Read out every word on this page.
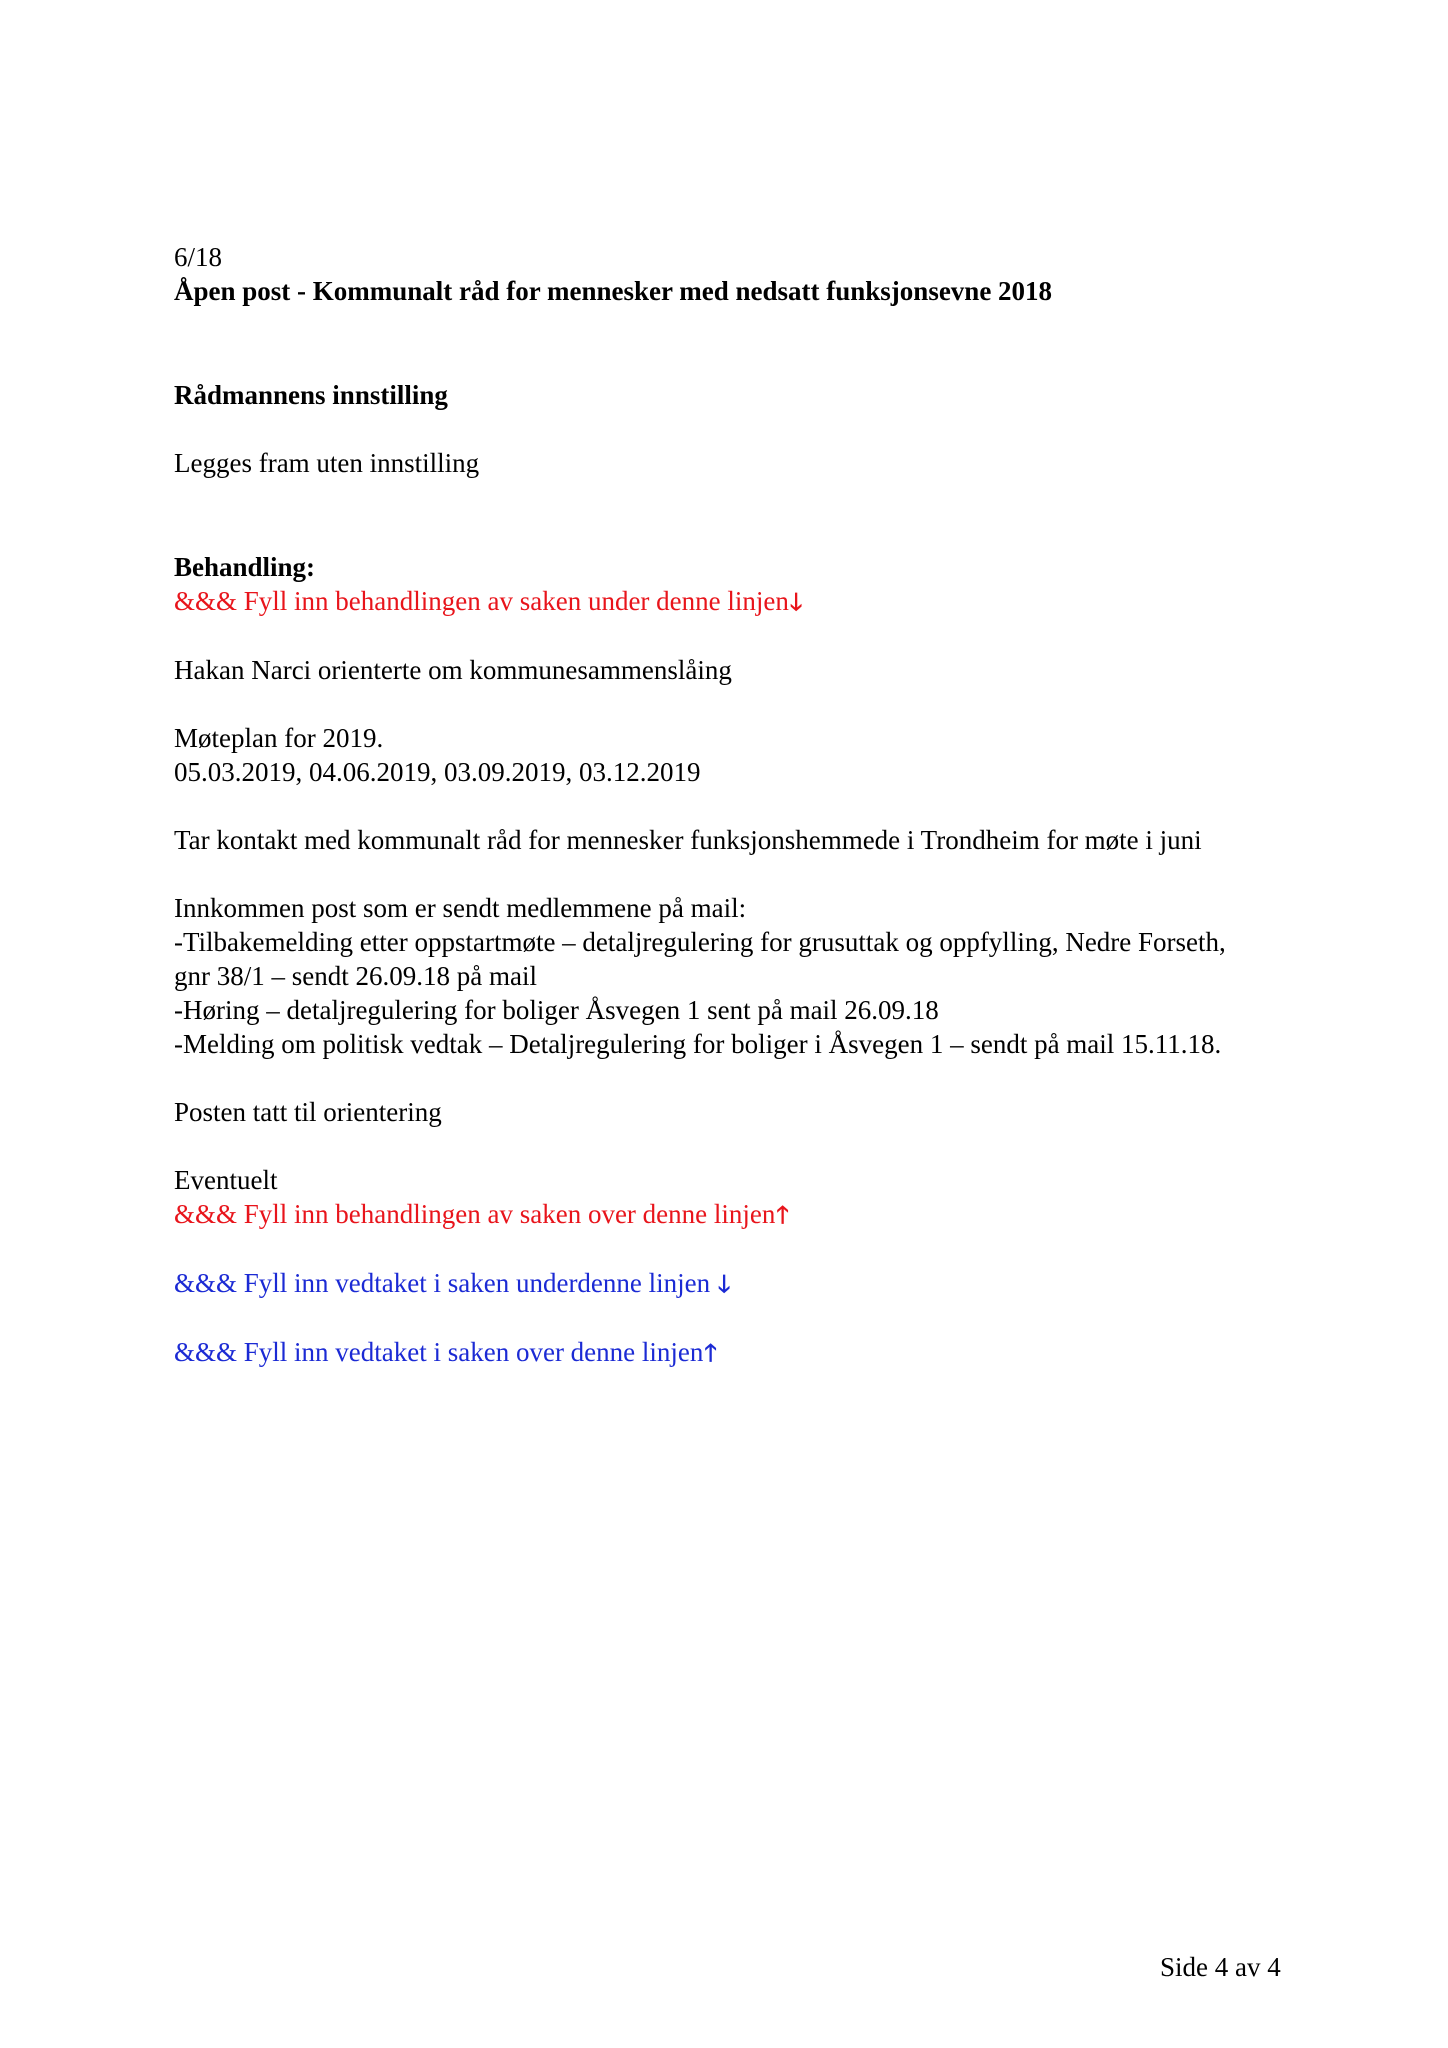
6/18
Åpen post - Kommunalt råd for mennesker med nedsatt funksjonsevne 2018
Rådmannens innstilling
Legges fram uten innstilling
Behandling:
&&& Fyll inn behandlingen av saken under denne linjen🡓
Hakan Narci orienterte om kommunesammenslåing
Møteplan for 2019.
05.03.2019, 04.06.2019, 03.09.2019, 03.12.2019
Tar kontakt med kommunalt råd for mennesker funksjonshemmede i Trondheim for møte i juni
Innkommen post som er sendt medlemmene på mail:
-Tilbakemelding etter oppstartmøte – detaljregulering for grusuttak og oppfylling, Nedre Forseth,
gnr 38/1 – sendt 26.09.18 på mail
-Høring – detaljregulering for boliger Åsvegen 1 sent på mail 26.09.18
-Melding om politisk vedtak – Detaljregulering for boliger i Åsvegen 1 – sendt på mail 15.11.18.
Posten tatt til orientering
Eventuelt
&&& Fyll inn behandlingen av saken over denne linjen🡑
&&& Fyll inn vedtaket i saken underdenne linjen 🡓
&&& Fyll inn vedtaket i saken over denne linjen🡑
Side 4 av 4
